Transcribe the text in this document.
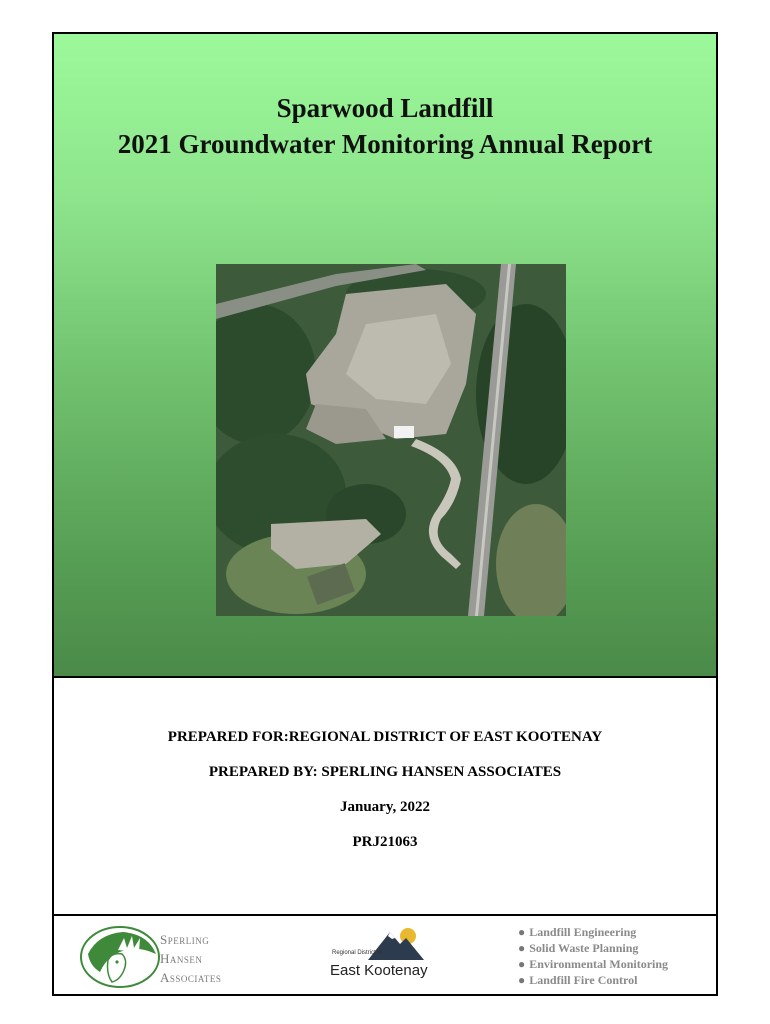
Sparwood Landfill
2021 Groundwater Monitoring Annual Report
PREPARED FOR:REGIONAL DISTRICT OF EAST KOOTENAY
PREPARED BY: SPERLING HANSEN ASSOCIATES
January, 2022
PRJ21063
Sperling
Hansen
Associates
Regional District of
East Kootenay
● Landfill Engineering
● Solid Waste Planning
● Environmental Monitoring
● Landfill Fire Control
